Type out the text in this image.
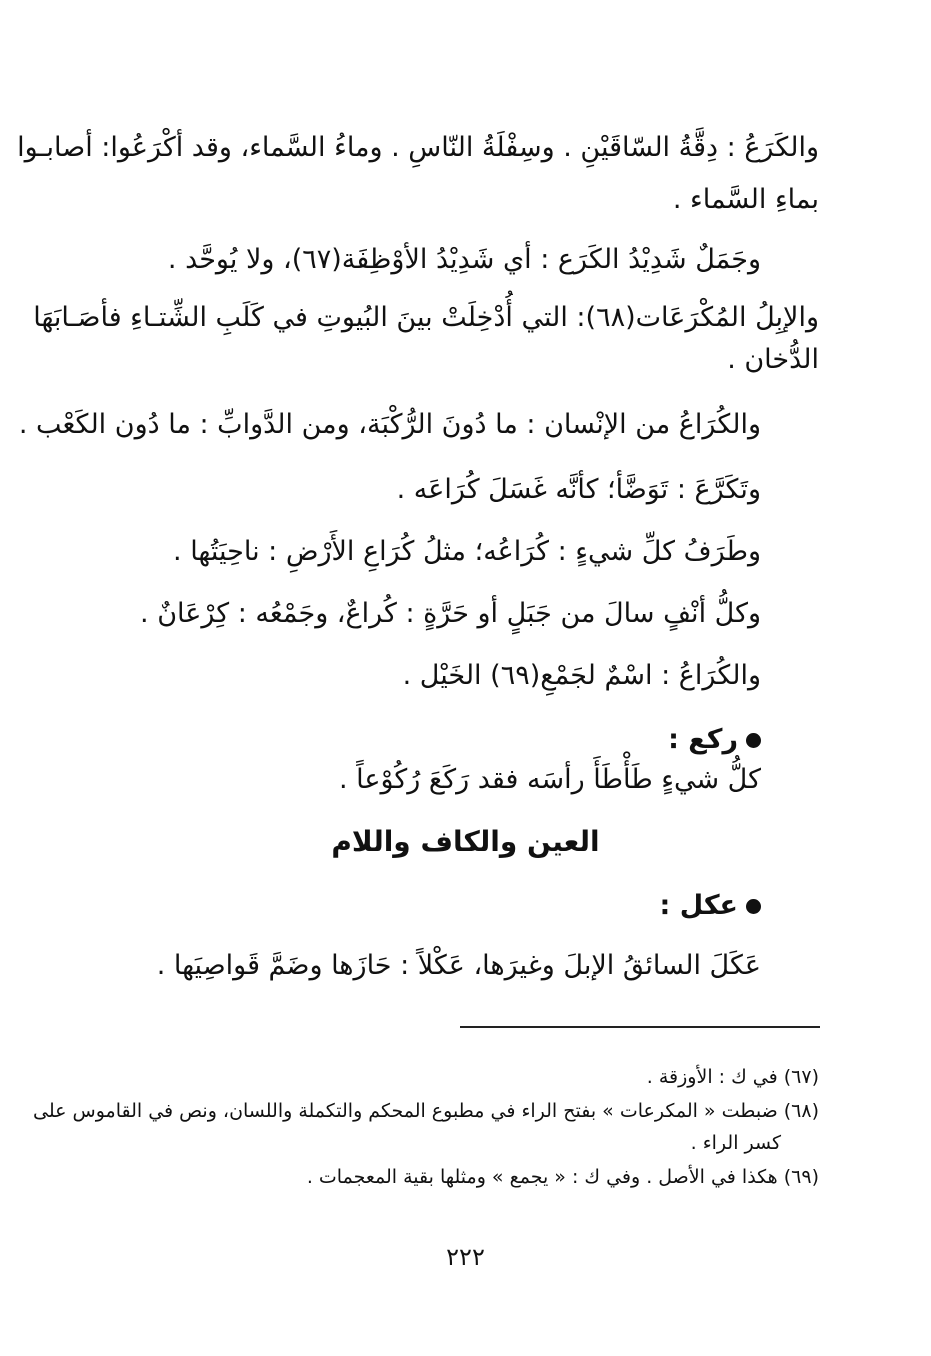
والكَرَعُ : دِقَّةُ السّاقَيْنِ . وسِفْلَةُ النّاسِ . وماءُ السَّماء، وقد أكْرَعُوا: أصابـوا
بماءِ السَّماء .
وجَمَلٌ شَدِيْدُ الكَرَع : أي شَدِيْدُ الأوْظِفَة(٦٧)، ولا يُوحَّد .
والإبِلُ المُكْرَعَات(٦٨): التي أُدْخِلَتْ بينَ البُيوتِ في كَلَبِ الشِّتـاءِ فأصَـابَهَا
الدُّخان .
والكُرَاعُ من الإنْسان : ما دُونَ الرُّكْبَة، ومن الدَّوابِّ : ما دُون الكَعْب .
وتَكَرَّعَ : تَوَضَّأ؛ كأنَّه غَسَلَ كُرَاعَه .
وطَرَفُ كلِّ شيءٍ : كُرَاعُه؛ مثلُ كُرَاعِ الأَرْضِ : ناحِيَتُها .
وكلُّ أنْفٍ سالَ من جَبَلٍ أو حَرَّةٍ : كُراعٌ، وجَمْعُه : كِرْعَانٌ .
والكُرَاعُ : اسْمٌ لجَمْعِ(٦٩) الخَيْل .
ركع :
كلُّ شيءٍ طَأْطَأَ رأسَه فقد رَكَعَ رُكُوْعاً .
العين والكاف واللام
عكل :
عَكَلَ السائقُ الإبلَ وغيرَها، عَكْلاً : حَازَها وضَمَّ قَواصِيَها .
(٦٧) في ك : الأوزقة .
(٦٨) ضبطت « المكرعات » بفتح الراء في مطبوع المحكم والتكملة واللسان، ونص في القاموس على
كسر الراء .
(٦٩) هكذا في الأصل . وفي ك : « يجمع » ومثلها بقية المعجمات .
٢٢٢
